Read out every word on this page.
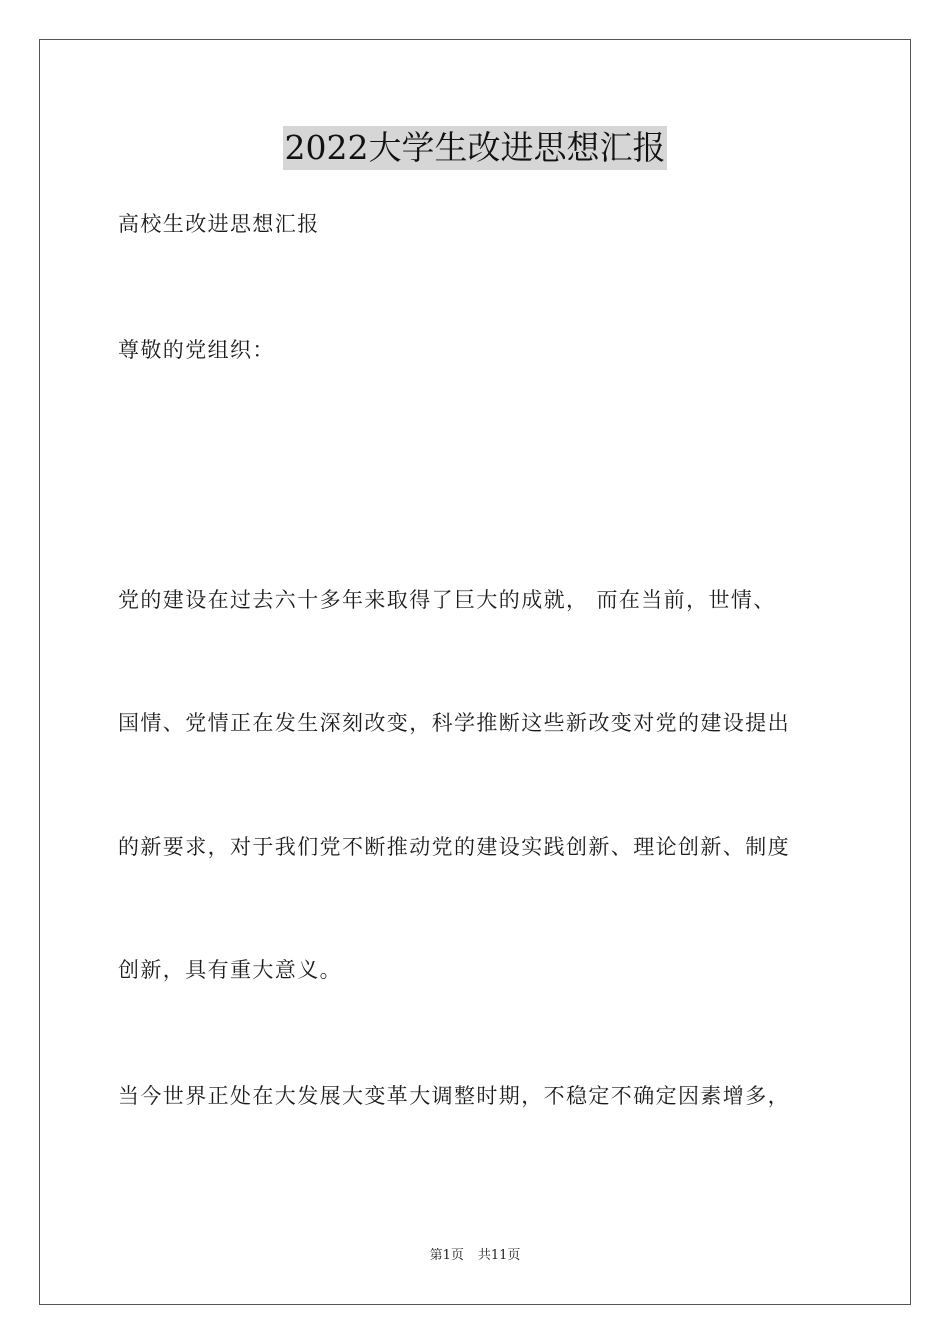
2022大学生改进思想汇报
高校生改进思想汇报
尊敬的党组织：
党的建设在过去六十多年来取得了巨大的成就， 而在当前，世情、
国情、党情正在发生深刻改变，科学推断这些新改变对党的建设提出
的新要求，对于我们党不断推动党的建设实践创新、理论创新、制度
创新，具有重大意义。
当今世界正处在大发展大变革大调整时期，不稳定不确定因素增多，
第1页 共11页
